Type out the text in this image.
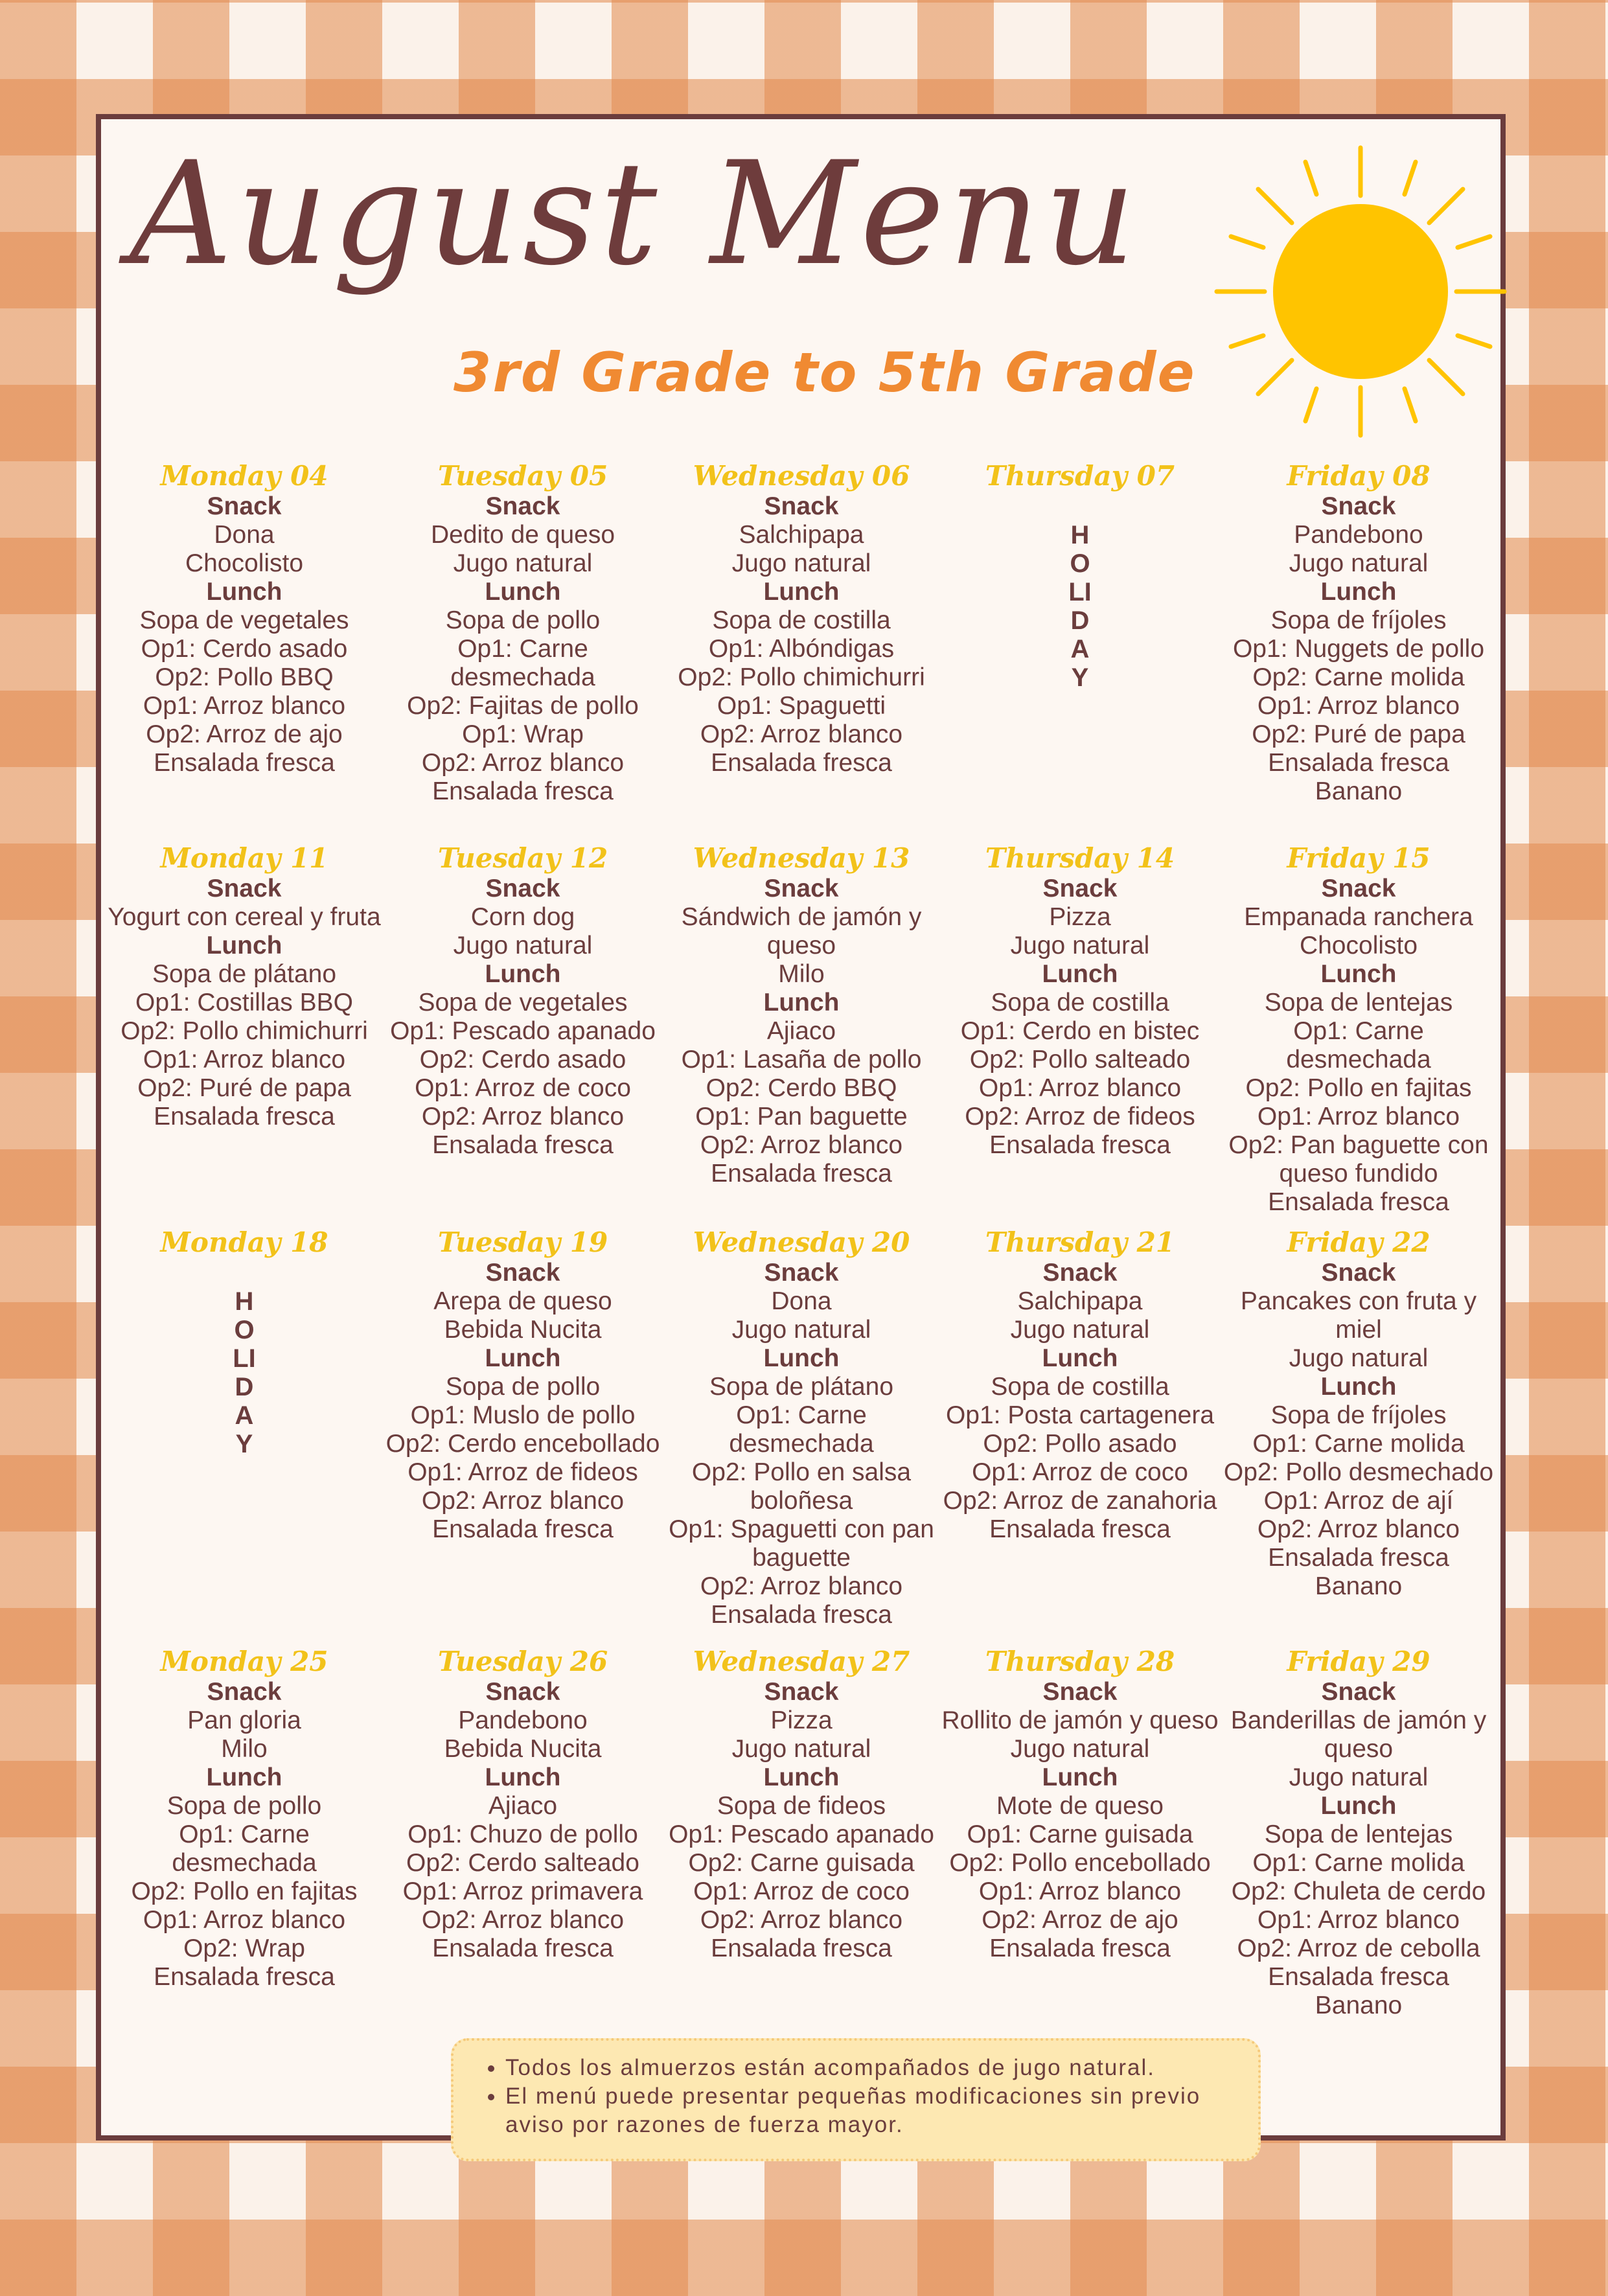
August Menu
3rd Grade to 5th Grade
Monday 04
Snack
Dona
Chocolisto
Lunch
Sopa de vegetales
Op1: Cerdo asado
Op2: Pollo BBQ
Op1: Arroz blanco
Op2: Arroz de ajo
Ensalada fresca
Tuesday 05
Snack
Dedito de queso
Jugo natural
Lunch
Sopa de pollo
Op1: Carne desmechada
Op2: Fajitas de pollo
Op1: Wrap
Op2: Arroz blanco
Ensalada fresca
Wednesday 06
Snack
Salchipapa
Jugo natural
Lunch
Sopa de costilla
Op1: Albóndigas
Op2: Pollo chimichurri
Op1: Spaguetti
Op2: Arroz blanco
Ensalada fresca
Thursday 07
HOLIDAY
Friday 08
Snack
Pandebono
Jugo natural
Lunch
Sopa de fríjoles
Op1: Nuggets de pollo
Op2: Carne molida
Op1: Arroz blanco
Op2: Puré de papa
Ensalada fresca
Banano
Monday 11
Snack
Yogurt con cereal y fruta
Lunch
Sopa de plátano
Op1: Costillas BBQ
Op2: Pollo chimichurri
Op1: Arroz blanco
Op2: Puré de papa
Ensalada fresca
Tuesday 12
Snack
Corn dog
Jugo natural
Lunch
Sopa de vegetales
Op1: Pescado apanado
Op2: Cerdo asado
Op1: Arroz de coco
Op2: Arroz blanco
Ensalada fresca
Wednesday 13
Snack
Sándwich de jamón y queso
Milo
Lunch
Ajiaco
Op1: Lasaña de pollo
Op2: Cerdo BBQ
Op1: Pan baguette
Op2: Arroz blanco
Ensalada fresca
Thursday 14
Snack
Pizza
Jugo natural
Lunch
Sopa de costilla
Op1: Cerdo en bistec
Op2: Pollo salteado
Op1: Arroz blanco
Op2: Arroz de fideos
Ensalada fresca
Friday 15
Snack
Empanada ranchera
Chocolisto
Lunch
Sopa de lentejas
Op1: Carne desmechada
Op2: Pollo en fajitas
Op1: Arroz blanco
Op2: Pan baguette con queso fundido
Ensalada fresca
Monday 18
HOLIDAY
Tuesday 19
Snack
Arepa de queso
Bebida Nucita
Lunch
Sopa de pollo
Op1: Muslo de pollo
Op2: Cerdo encebollado
Op1: Arroz de fideos
Op2: Arroz blanco
Ensalada fresca
Wednesday 20
Snack
Dona
Jugo natural
Lunch
Sopa de plátano
Op1: Carne desmechada
Op2: Pollo en salsa boloñesa
Op1: Spaguetti con pan baguette
Op2: Arroz blanco
Ensalada fresca
Thursday 21
Snack
Salchipapa
Jugo natural
Lunch
Sopa de costilla
Op1: Posta cartagenera
Op2: Pollo asado
Op1: Arroz de coco
Op2: Arroz de zanahoria
Ensalada fresca
Friday 22
Snack
Pancakes con fruta y miel
Jugo natural
Lunch
Sopa de fríjoles
Op1: Carne molida
Op2: Pollo desmechado
Op1: Arroz de ají
Op2: Arroz blanco
Ensalada fresca
Banano
Monday 25
Snack
Pan gloria
Milo
Lunch
Sopa de pollo
Op1: Carne desmechada
Op2: Pollo en fajitas
Op1: Arroz blanco
Op2: Wrap
Ensalada fresca
Tuesday 26
Snack
Pandebono
Bebida Nucita
Lunch
Ajiaco
Op1: Chuzo de pollo
Op2: Cerdo salteado
Op1: Arroz primavera
Op2: Arroz blanco
Ensalada fresca
Wednesday 27
Snack
Pizza
Jugo natural
Lunch
Sopa de fideos
Op1: Pescado apanado
Op2: Carne guisada
Op1: Arroz de coco
Op2: Arroz blanco
Ensalada fresca
Thursday 28
Snack
Rollito de jamón y queso
Jugo natural
Lunch
Mote de queso
Op1: Carne guisada
Op2: Pollo encebollado
Op1: Arroz blanco
Op2: Arroz de ajo
Ensalada fresca
Friday 29
Snack
Banderillas de jamón y queso
Jugo natural
Lunch
Sopa de lentejas
Op1: Carne molida
Op2: Chuleta de cerdo
Op1: Arroz blanco
Op2: Arroz de cebolla
Ensalada fresca
Banano
• Todos los almuerzos están acompañados de jugo natural.
• El menú puede presentar pequeñas modificaciones sin previo aviso por razones de fuerza mayor.
